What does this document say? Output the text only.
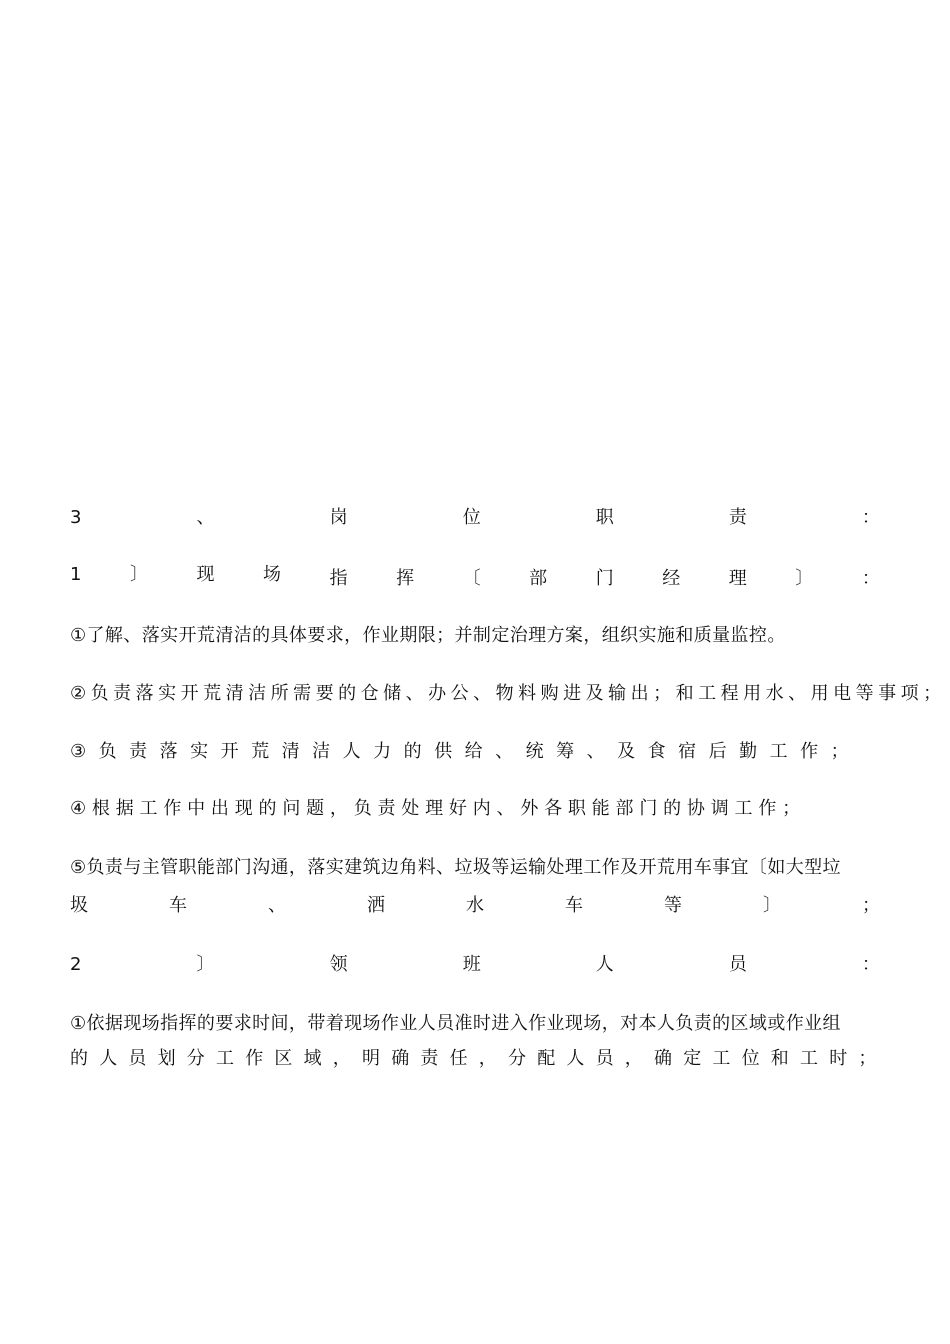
3	、	岗	位	职	责	：
1	〕	现	场	指	挥	〔	部	门	经	理	〕	：
①了解、落实开荒清洁的具体要求，作业期限；并制定治理方案，组织实施和质量监控。
②负责落实开荒清洁所需要的仓储、办公、物料购进及输出；和工程用水、用电等事项；
③负责落实开荒清洁人力的供给、统筹、及食宿后勤工作；
④根据工作中出现的问题，负责处理好内、外各职能部门的协调工作；
⑤负责与主管职能部门沟通，落实建筑边角料、垃圾等运输处理工作及开荒用车事宜〔如大型垃
圾	车	、	洒	水	车	等	〕	；
2	〕	领	班	人	员	：
①依据现场指挥的要求时间，带着现场作业人员准时进入作业现场，对本人负责的区域或作业组
的人员划分工作区域，明确责任，分配人员，确定工位和工时；
